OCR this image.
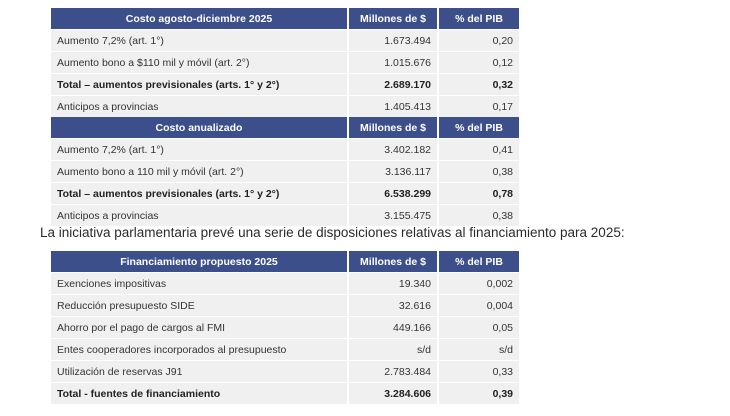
Costo agosto-diciembre 2025	Millones de $	% del PIB
Aumento 7,2% (art. 1°)	1.673.494	0,20
Aumento bono a $110 mil y móvil (art. 2°)	1.015.676	0,12
Total – aumentos previsionales (arts. 1° y 2°)	2.689.170	0,32
Anticipos a provincias	1.405.413	0,17
Costo anualizado	Millones de $	% del PIB
Aumento 7,2% (art. 1°)	3.402.182	0,41
Aumento bono a 110 mil y móvil (art. 2°)	3.136.117	0,38
Total – aumentos previsionales (arts. 1° y 2°)	6.538.299	0,78
Anticipos a provincias	3.155.475	0,38
La iniciativa parlamentaria prevé una serie de disposiciones relativas al financiamiento para 2025:
Financiamiento propuesto 2025	Millones de $	% del PIB
Exenciones impositivas	19.340	0,002
Reducción presupuesto SIDE	32.616	0,004
Ahorro por el pago de cargos al FMI	449.166	0,05
Entes cooperadores incorporados al presupuesto	s/d	s/d
Utilización de reservas J91	2.783.484	0,33
Total - fuentes de financiamiento	3.284.606	0,39
